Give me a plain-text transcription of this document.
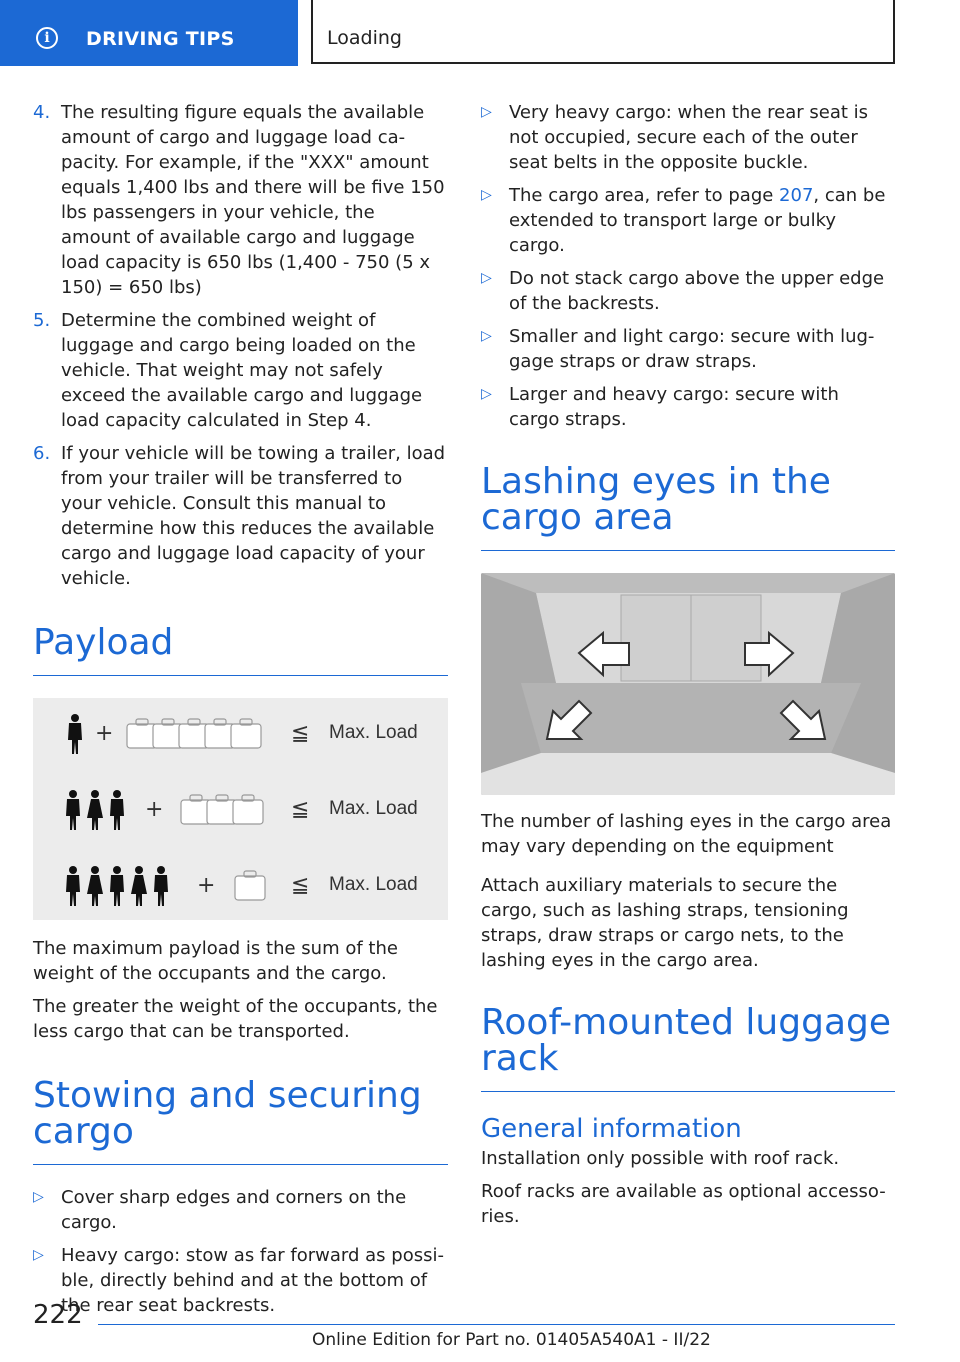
i	DRIVING TIPS	Loading
4. The resulting figure equals the available amount of cargo and luggage load ca-pacity. For example, if the "XXX" amount equals 1,400 lbs and there will be five 150 lbs passengers in your vehicle, the amount of available cargo and luggage load capacity is 650 lbs (1,400 - 750 (5 x 150) = 650 lbs)
5. Determine the combined weight of luggage and cargo being loaded on the vehicle. That weight may not safely exceed the available cargo and luggage load capacity calculated in Step 4.
6. If your vehicle will be towing a trailer, load from your trailer will be transferred to your vehicle. Consult this manual to determine how this reduces the available cargo and luggage load capacity of your vehicle.
Payload
+	≦ Max. Load
+	≦ Max. Load
+	≦ Max. Load

The maximum payload is the sum of the weight of the occupants and the cargo.

The greater the weight of the occupants, the less cargo that can be transported.

Stowing and securing cargo
▷ Cover sharp edges and corners on the cargo.
▷ Heavy cargo: stow as far forward as possi-ble, directly behind and at the bottom of the rear seat backrests.
▷ Very heavy cargo: when the rear seat is not occupied, secure each of the outer seat belts in the opposite buckle.
▷ The cargo area, refer to page 207, can be extended to transport large or bulky cargo.
▷ Do not stack cargo above the upper edge of the backrests.
▷ Smaller and light cargo: secure with lug-gage straps or draw straps.
▷ Larger and heavy cargo: secure with cargo straps.
Lashing eyes in the cargo area

The number of lashing eyes in the cargo area may vary depending on the equipment

Attach auxiliary materials to secure the cargo, such as lashing straps, tensioning straps, draw straps or cargo nets, to the lashing eyes in the cargo area.

Roof-mounted luggage rack
General information

Installation only possible with roof rack.

Roof racks are available as optional accesso-ries.

222
Online Edition for Part no. 01405A540A1 - II/22
